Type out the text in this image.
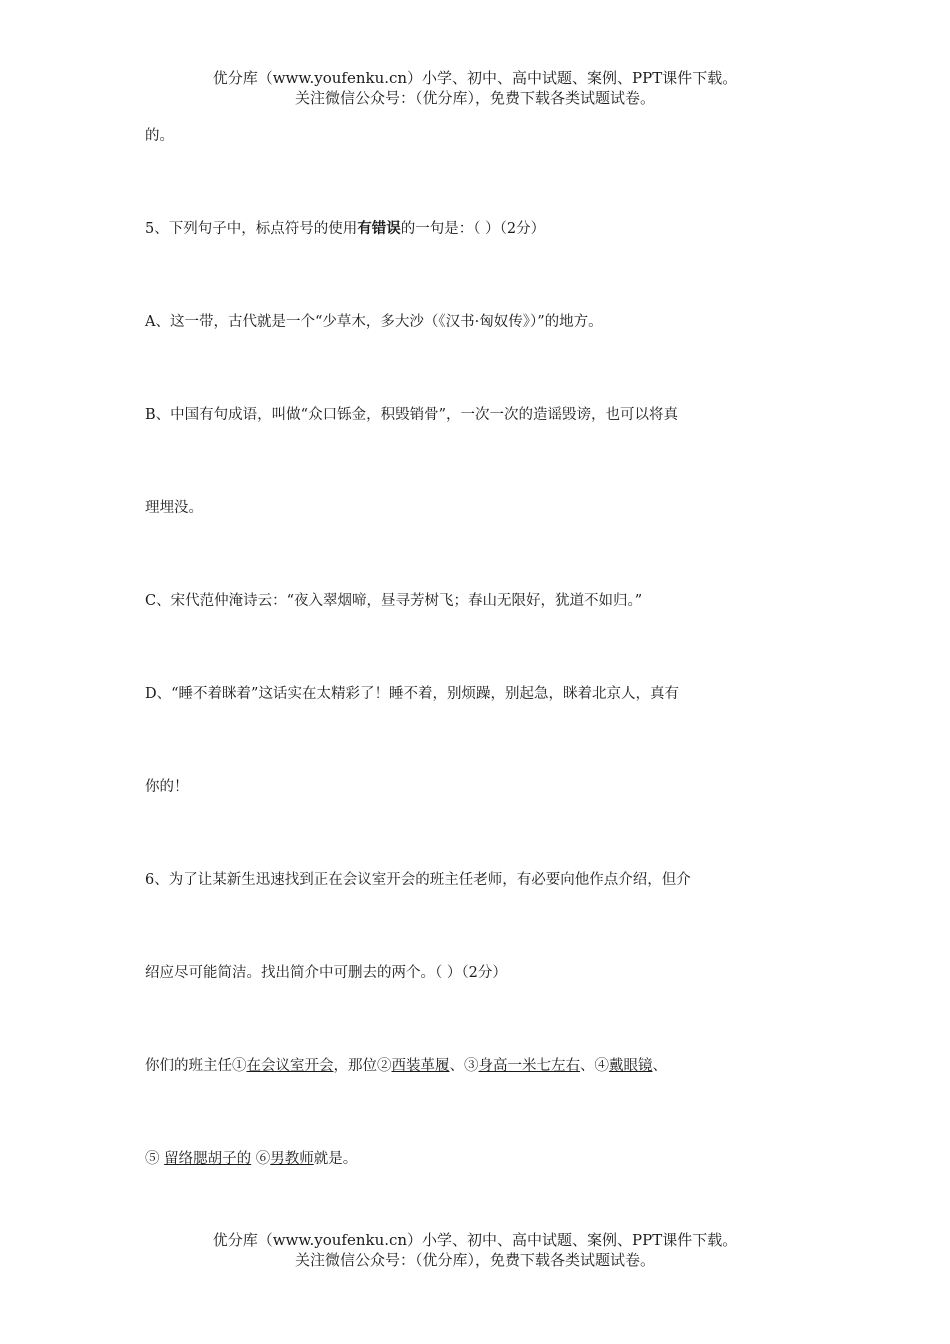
优分库（www.youfenku.cn）小学、初中、高中试题、案例、PPT课件下载。
关注微信公众号：（优分库），免费下载各类试题试卷。
的。
5、下列句子中，标点符号的使用有错误的一句是：（ ）（2分）
A、这一带，古代就是一个“少草木，多大沙（《汉书·匈奴传》）”的地方。
B、中国有句成语，叫做“众口铄金，积毁销骨”，一次一次的造谣毁谤，也可以将真
理埋没。
C、宋代范仲淹诗云：“夜入翠烟啼，昼寻芳树飞；春山无限好，犹道不如归。”
D、“睡不着眯着”这话实在太精彩了！睡不着，别烦躁，别起急，眯着北京人，真有
你的！
6、为了让某新生迅速找到正在会议室开会的班主任老师，有必要向他作点介绍，但介
绍应尽可能简洁。找出简介中可删去的两个。（ ）（2分）
你们的班主任①在会议室开会，那位②西装革履、③身高一米七左右、④戴眼镜、
⑤ 留络腮胡子的 ⑥男教师就是。
优分库（www.youfenku.cn）小学、初中、高中试题、案例、PPT课件下载。
关注微信公众号：（优分库），免费下载各类试题试卷。
